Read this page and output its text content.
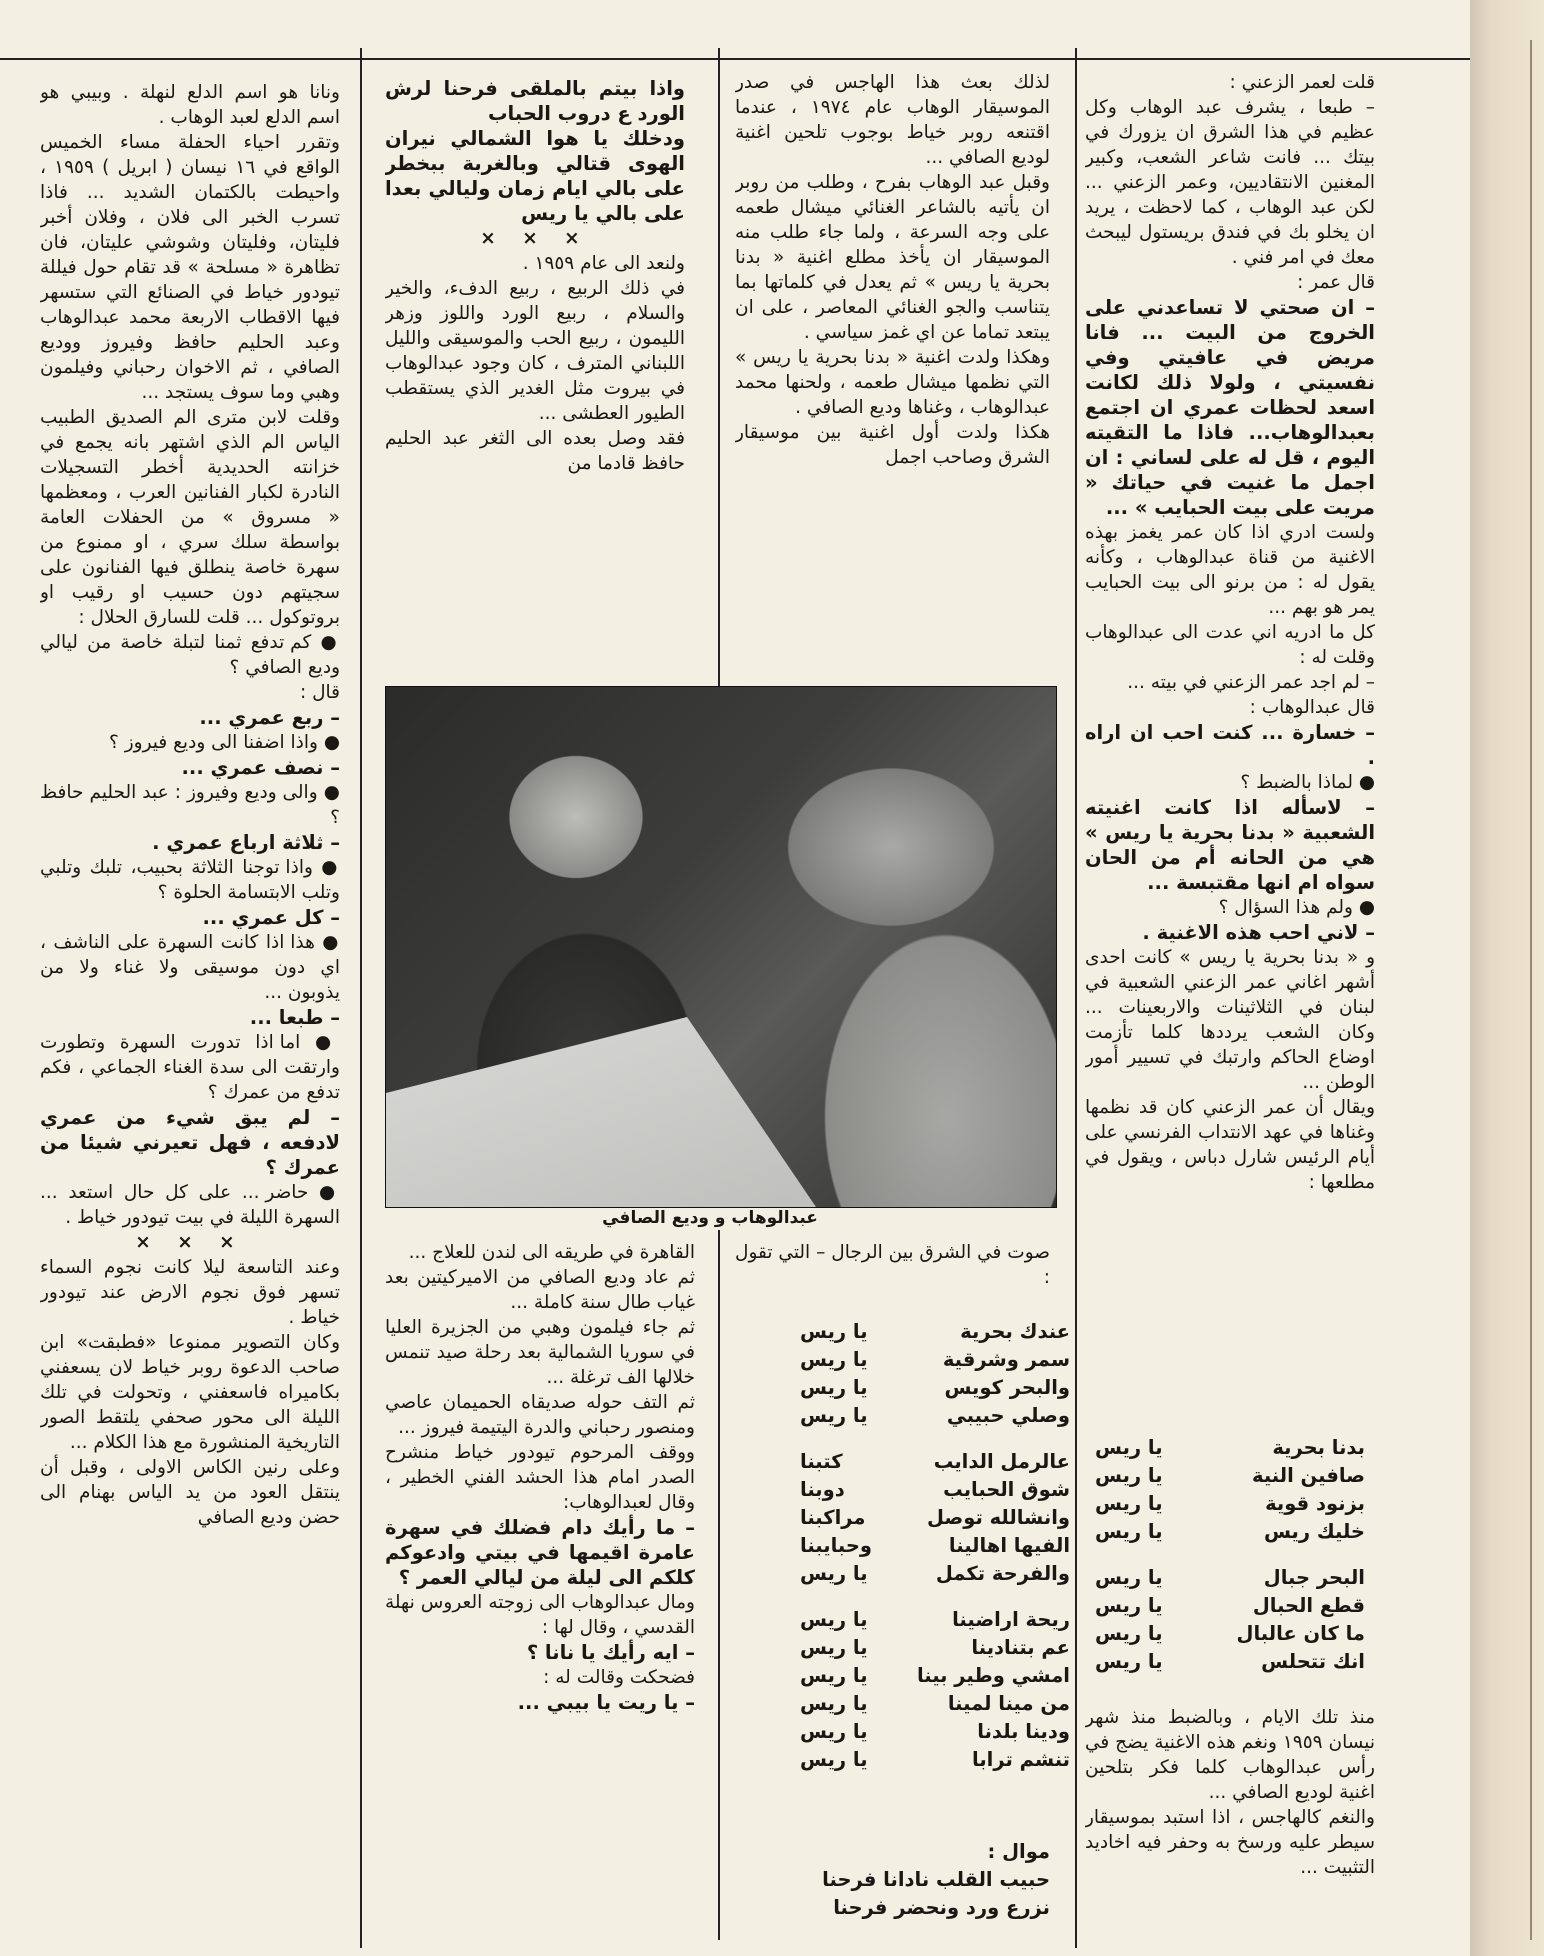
قلت لعمر الزعني :

– طبعا ، يشرف عبد الوهاب وكل عظيم في هذا الشرق ان يزورك في بيتك ... فانت شاعر الشعب، وكبير المغنين الانتقاديين، وعمر الزعني ... لكن عبد الوهاب ، كما لاحظت ، يريد ان يخلو بك في فندق بريستول ليبحث معك في امر فني .

قال عمر :

– ان صحتي لا تساعدني على الخروج من البيت ... فانا مريض في عافيتي وفي نفسيتي ، ولولا ذلك لكانت اسعد لحظات عمري ان اجتمع بعبدالوهاب... فاذا ما التقيته اليوم ، قل له على لساني : ان اجمل ما غنيت في حياتك « مريت على بيت الحبايب » ...

ولست ادري اذا كان عمر يغمز بهذه الاغنية من قناة عبدالوهاب ، وكأنه يقول له : من برنو الى بيت الحبايب يمر هو بهم ...

كل ما ادريه اني عدت الى عبدالوهاب وقلت له :

– لم اجد عمر الزعني في بيته ...

قال عبدالوهاب :

– خسارة ... كنت احب ان اراه .

● لماذا بالضبط ؟

– لاسأله اذا كانت اغنيته الشعبية « بدنا بحرية يا ريس » هي من الحانه أم من الحان سواه ام انها مقتبسة ...

● ولم هذا السؤال ؟

– لاني احب هذه الاغنية .

و « بدنا بحرية يا ريس » كانت احدى أشهر اغاني عمر الزعني الشعبية في لبنان في الثلاثينات والاربعينات ... وكان الشعب يرددها كلما تأزمت اوضاع الحاكم وارتبك في تسيير أمور الوطن ...

ويقال أن عمر الزعني كان قد نظمها وغناها في عهد الانتداب الفرنسي على أيام الرئيس شارل دباس ، ويقول في مطلعها :

بدنا بحرية
يا ريس
صافين النية
يا ريس
بزنود قوية
يا ريس
خليك ريس
يا ريس
البحر جبال
يا ريس
قطع الحبال
يا ريس
ما كان عالبال
يا ريس
انك تتحلس
يا ريس

منذ تلك الايام ، وبالضبط منذ شهر نيسان ١٩٥٩ ونغم هذه الاغنية يضج في رأس عبدالوهاب كلما فكر بتلحين اغنية لوديع الصافي ...

والنغم كالهاجس ، اذا استبد بموسيقار سيطر عليه ورسخ به وحفر فيه اخاديد التثبيت ...

لذلك بعث هذا الهاجس في صدر الموسيقار الوهاب عام ١٩٧٤ ، عندما اقتنعه روبر خياط بوجوب تلحين اغنية لوديع الصافي ...

وقبل عبد الوهاب بفرح ، وطلب من روبر ان يأتيه بالشاعر الغنائي ميشال طعمه على وجه السرعة ، ولما جاء طلب منه الموسيقار ان يأخذ مطلع اغنية « بدنا بحرية يا ريس » ثم يعدل في كلماتها بما يتناسب والجو الغنائي المعاصر ، على ان يبتعد تماما عن اي غمز سياسي .

وهكذا ولدت اغنية « بدنا بحرية يا ريس » التي نظمها ميشال طعمه ، ولحنها محمد عبدالوهاب ، وغناها وديع الصافي .

هكذا ولدت أول اغنية بين موسيقار الشرق وصاحب اجمل

واذا بيتم بالملقى فرحنا لرش الورد ع دروب الحباب

ودخلك يا هوا الشمالي نيران الهوى قتالي وبالغربة ببخطر على بالي ايام زمان وليالي بعدا على بالي يا ريس

× × ×

ولنعد الى عام ١٩٥٩ .

في ذلك الربيع ، ربيع الدفء، والخير والسلام ، ربيع الورد واللوز وزهر الليمون ، ربيع الحب والموسيقى والليل اللبناني المترف ، كان وجود عبدالوهاب في بيروت مثل الغدير الذي يستقطب الطيور العطشى ...

فقد وصل بعده الى الثغر عبد الحليم حافظ قادما من

ونانا هو اسم الدلع لنهلة . وبيبي هو اسم الدلع لعبد الوهاب .

وتقرر احياء الحفلة مساء الخميس الواقع في ١٦ نيسان ( ابريل ) ١٩٥٩ ، واحيطت بالكتمان الشديد ... فاذا تسرب الخبر الى فلان ، وفلان أخبر فليتان، وفليتان وشوشي عليتان، فان تظاهرة « مسلحة » قد تقام حول فيللة تيودور خياط في الصنائع التي ستسهر فيها الاقطاب الاربعة محمد عبدالوهاب وعبد الحليم حافظ وفيروز ووديع الصافي ، ثم الاخوان رحباني وفيلمون وهبي وما سوف يستجد ...

وقلت لابن مترى الم الصديق الطبيب الياس الم الذي اشتهر بانه يجمع في خزانته الحديدية أخطر التسجيلات النادرة لكبار الفنانين العرب ، ومعظمها « مسروق » من الحفلات العامة بواسطة سلك سري ، او ممنوع من سهرة خاصة ينطلق فيها الفنانون على سجيتهم دون حسيب او رقيب او بروتوكول ... قلت للسارق الحلال :

● كم تدفع ثمنا لتبلة خاصة من ليالي وديع الصافي ؟

قال :

– ربع عمري ...

● واذا اضفنا الى وديع فيروز ؟

– نصف عمري ...

● والى وديع وفيروز : عبد الحليم حافظ ؟

– ثلاثة ارباع عمري .

● واذا توجنا الثلاثة بحبيب، تلبك وتلبي وتلب الابتسامة الحلوة ؟

– كل عمري ...

● هذا اذا كانت السهرة على الناشف ، اي دون موسيقى ولا غناء ولا من يذوبون ...

– طبعا ...

● اما اذا تدورت السهرة وتطورت وارتقت الى سدة الغناء الجماعي ، فكم تدفع من عمرك ؟

– لم يبق شيء من عمري لادفعه ، فهل تعيرني شيئا من عمرك ؟

● حاضر ... على كل حال استعد ... السهرة الليلة في بيت تيودور خياط .

× × ×

وعند التاسعة ليلا كانت نجوم السماء تسهر فوق نجوم الارض عند تيودور خياط .

وكان التصوير ممنوعا «فطبقت» ابن صاحب الدعوة روبر خياط لان يسعفني بكاميراه فاسعفني ، وتحولت في تلك الليلة الى محور صحفي يلتقط الصور التاريخية المنشورة مع هذا الكلام ...

وعلى رنين الكاس الاولى ، وقبل أن ينتقل العود من يد الياس بهنام الى حضن وديع الصافي

عبدالوهاب و وديع الصافي

صوت في الشرق بين الرجال – التي تقول :

عندك بحرية
يا ريس
سمر وشرقية
يا ريس
والبحر كويس
يا ريس
وصلي حبيبي
يا ريس
عالرمل الدايب
كتبنا
شوق الحبايب
دوبنا
وانشالله توصل
مراكبنا
الفيها اهالينا
وحبايبنا
والفرحة تكمل
يا ريس
ريحة اراضينا
يا ريس
عم بتنادينا
يا ريس
امشي وطير بينا
يا ريس
من مينا لمينا
يا ريس
ودينا بلدنا
يا ريس
تنشم ترابا
يا ريس
موال :
حبيب القلب نادانا فرحنا
نزرع ورد ونحضر فرحنا

القاهرة في طريقه الى لندن للعلاج ...

ثم عاد وديع الصافي من الاميركيتين بعد غياب طال سنة كاملة ...

ثم جاء فيلمون وهبي من الجزيرة العليا في سوريا الشمالية بعد رحلة صيد تنمس خلالها الف ترغلة ...

ثم التف حوله صديقاه الحميمان عاصي ومنصور رحباني والدرة اليتيمة فيروز ...

ووقف المرحوم تيودور خياط منشرح الصدر امام هذا الحشد الفني الخطير ، وقال لعبدالوهاب:

– ما رأيك دام فضلك في سهرة عامرة اقيمها في بيتي وادعوكم كلكم الى ليلة من ليالي العمر ؟

ومال عبدالوهاب الى زوجته العروس نهلة القدسي ، وقال لها :

– ايه رأيك يا نانا ؟

فضحكت وقالت له :

– يا ريت يا بيبي ...
